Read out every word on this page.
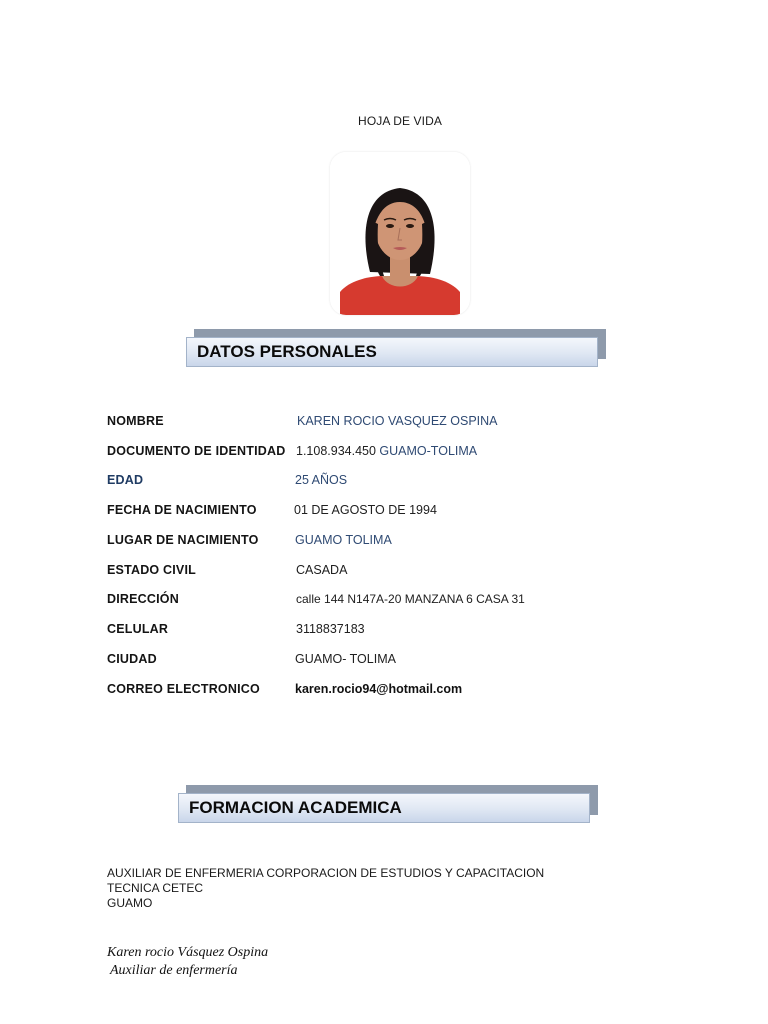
HOJA DE VIDA
DATOS PERSONALES
NOMBRE	KAREN ROCIO VASQUEZ OSPINA
DOCUMENTO DE IDENTIDAD 1.108.934.450 GUAMO-TOLIMA
EDAD	25 AÑOS
FECHA DE NACIMIENTO	01 DE AGOSTO DE 1994
LUGAR DE NACIMIENTO	GUAMO TOLIMA
ESTADO CIVIL	CASADA
DIRECCIÓN	calle 144 N147A-20 MANZANA 6 CASA 31
CELULAR	3118837183
CIUDAD	GUAMO- TOLIMA
CORREO ELECTRONICO	karen.rocio94@hotmail.com
FORMACION ACADEMICA
AUXILIAR DE ENFERMERIA CORPORACION DE ESTUDIOS Y CAPACITACION
TECNICA CETEC
GUAMO
Karen rocio Vásquez Ospina
Auxiliar de enfermería
